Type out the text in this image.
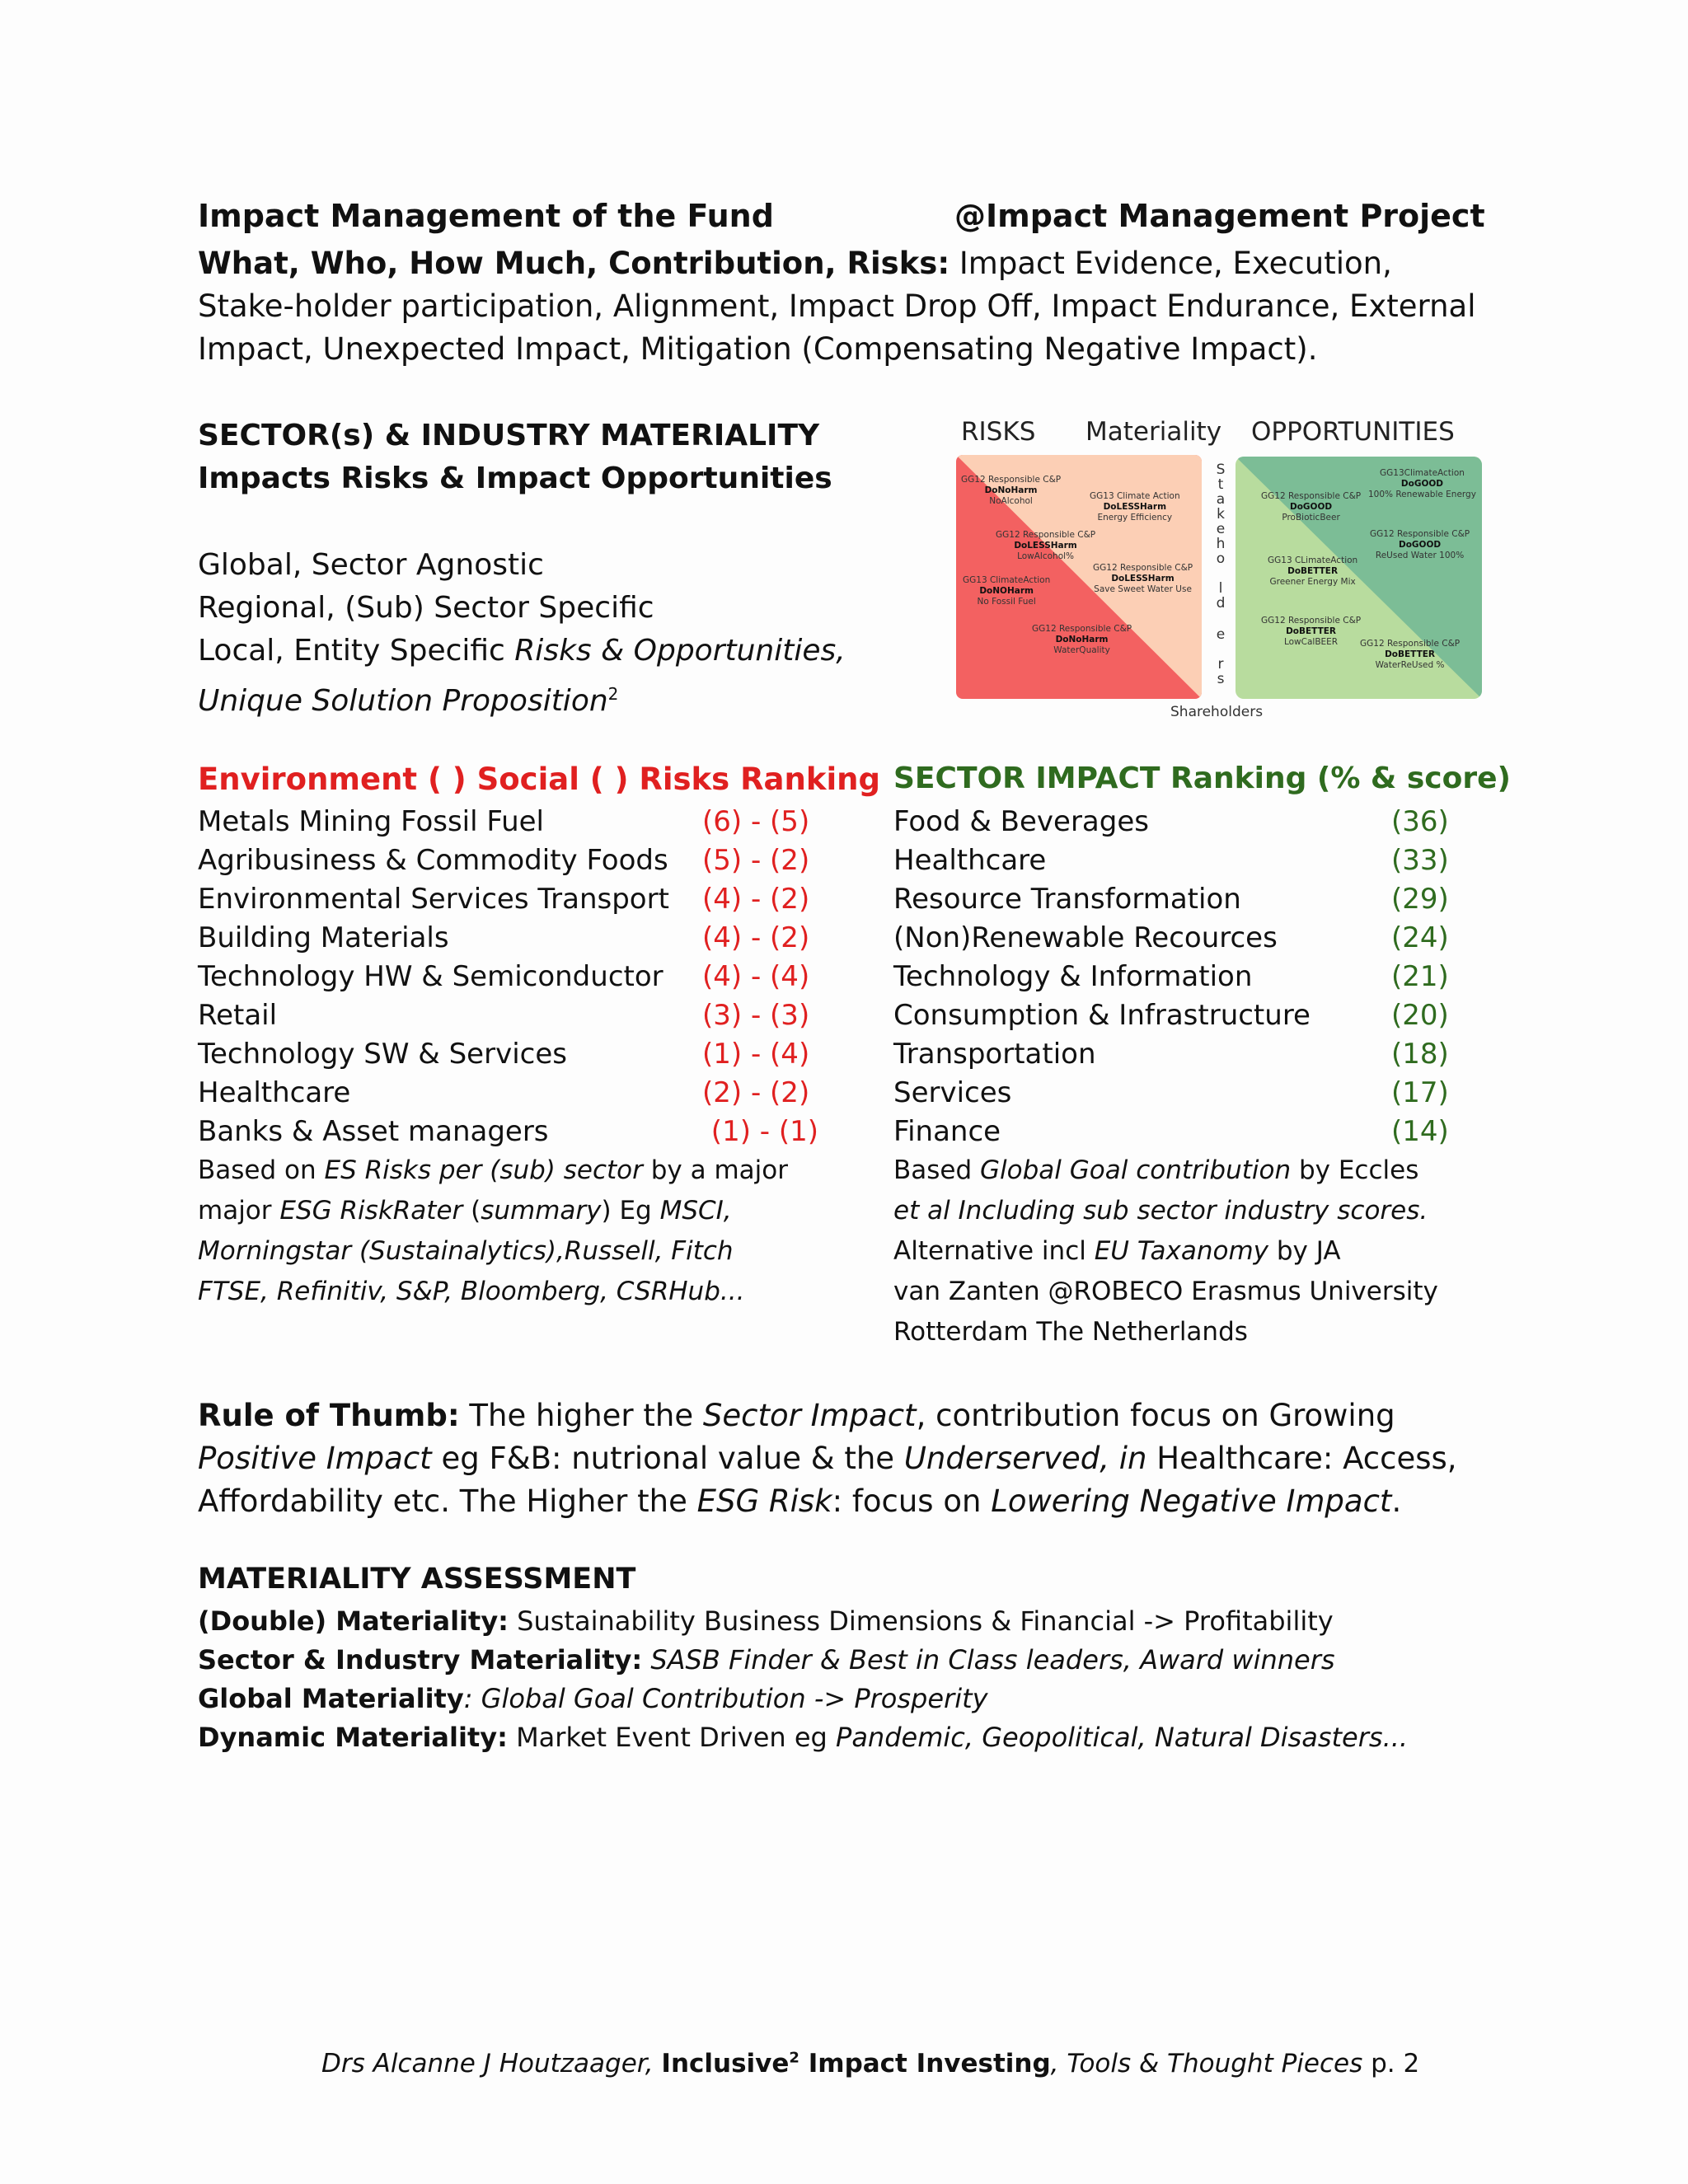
Impact Management of the Fund	@Impact Management Project
What, Who, How Much, Contribution, Risks: Impact Evidence, Execution, Stake-holder participation, Alignment, Impact Drop Off, Impact Endurance, External Impact, Unexpected Impact, Mitigation (Compensating Negative Impact).
SECTOR(s) & INDUSTRY MATERIALITY
Impacts Risks & Impact Opportunities
Global, Sector Agnostic
Regional, (Sub) Sector Specific
Local, Entity Specific Risks & Opportunities,
Unique Solution Proposition$^2$
RISKS Materiality OPPORTUNITIES
GG12 Responsible C&P
DoNoHarm
NoAlcohol	GG13 Climate Action
DoLESSHarm
Energy Efficiency
GG12 Responsible C&P
DoLESSHarm
LowAlcohol%
GG13 ClimateAction
DoNOHarm
No Fossil Fuel
GG12 Responsible C&P
DoLESSHarm
Save Sweet Water Use
GG12 Responsible C&P
DoNoHarm
WaterQuality
S
t
a
k
e
h
o
l
d
e
r
s
GG13ClimateAction
DoGOOD
100% Renewable Energy
GG12 Responsible C&P
DoGOOD
ProBioticBeer
GG12 Responsible C&P
DoGOOD
ReUsed Water 100%
GG13 CLimateAction
DoBETTER
Greener Energy Mix
GG12 Responsible C&P
DoBETTER
LowCalBEER	GG12 Responsible C&P
DoBETTER
WaterReUsed %
Shareholders
Environment ( ) Social ( ) Risks Ranking
Metals Mining Fossil Fuel	(6) - (5)
Agribusiness & Commodity Foods (5) - (2)
Environmental Services Transport (4) - (2)
Building Materials	(4) - (2)
Technology HW & Semiconductor (4) - (4)
Retail	(3) - (3)
Technology SW & Services	(1) - (4)
Healthcare	(2) - (2)
Banks & Asset managers	(1) - (1)
Based on ES Risks per (sub) sector by a major
major ESG RiskRater (summary) Eg MSCI,
Morningstar (Sustainalytics),Russell, Fitch
FTSE, Refinitiv, S&P, Bloomberg, CSRHub...
SECTOR IMPACT Ranking (% & score)
Food & Beverages	(36)
Healthcare	(33)
Resource Transformation	(29)
(Non)Renewable Recources	(24)
Technology & Information	(21)
Consumption & Infrastructure	(20)
Transportation	(18)
Services	(17)
Finance	(14)
Based Global Goal contribution by Eccles
et al Including sub sector industry scores.
Alternative incl EU Taxanomy by JA
van Zanten @ROBECO Erasmus University
Rotterdam The Netherlands
Rule of Thumb: The higher the Sector Impact, contribution focus on Growing Positive Impact eg F&B: nutrional value & the Underserved, in Healthcare: Access, Affordability etc. The Higher the ESG Risk: focus on Lowering Negative Impact.
MATERIALITY ASSESSMENT
(Double) Materiality: Sustainability Business Dimensions & Financial -> Profitability
Sector & Industry Materiality: SASB Finder & Best in Class leaders, Award winners
Global Materiality: Global Goal Contribution -> Prosperity
Dynamic Materiality: Market Event Driven eg Pandemic, Geopolitical, Natural Disasters...
Drs Alcanne J Houtzaager, Inclusive$^2$ Impact Investing, Tools & Thought Pieces p. 2
